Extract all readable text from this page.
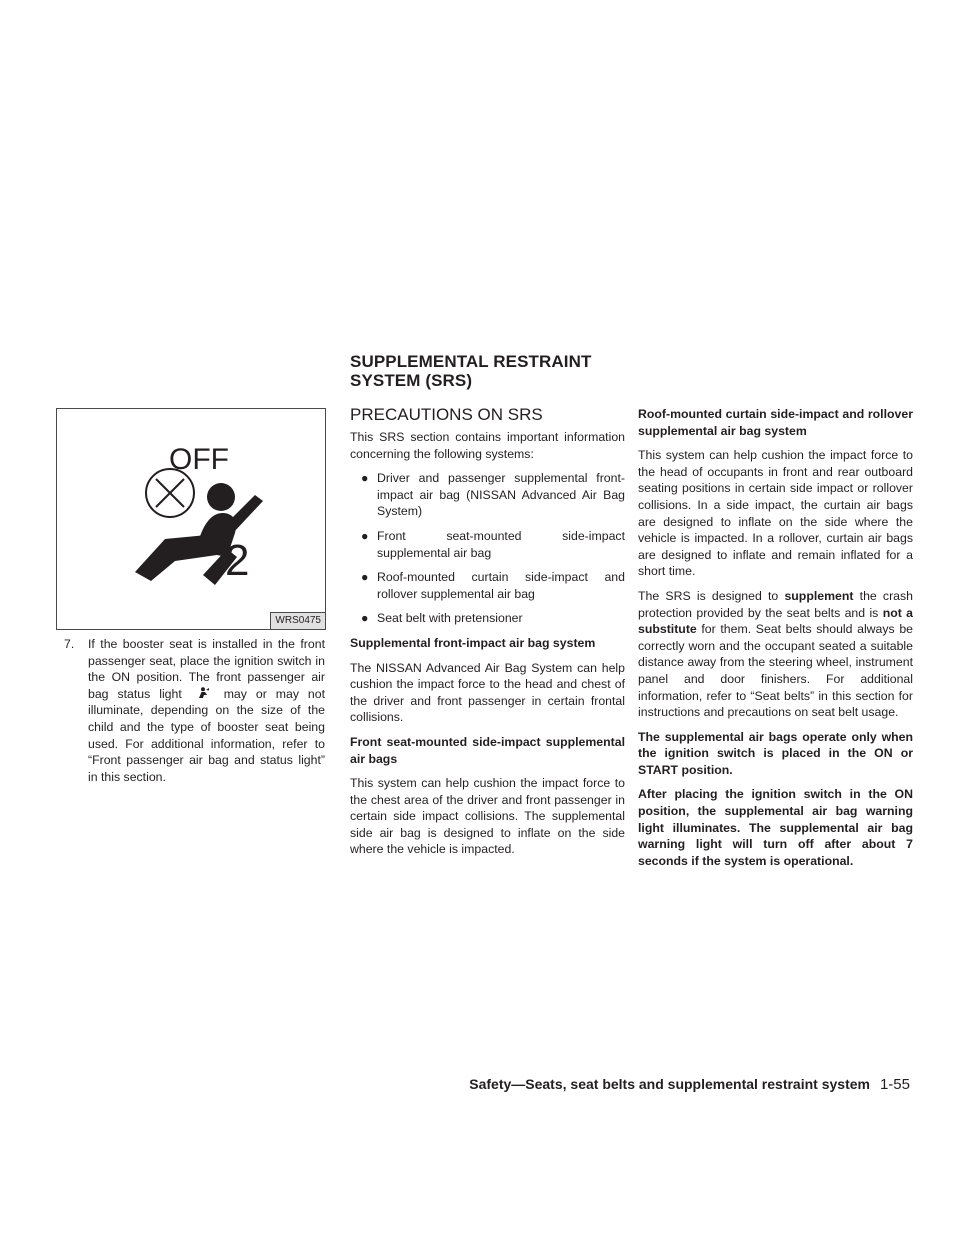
SUPPLEMENTAL RESTRAINT
SYSTEM (SRS)
OFF
2
WRS0475
7. If the booster seat is installed in the front passenger seat, place the ignition switch in the ON position. The front passenger air bag status light	may or may not illuminate, depending on the size of the child and the type of booster seat being used. For additional information, refer to “Front passenger air bag and status light” in this section.
PRECAUTIONS ON SRS

This SRS section contains important information concerning the following systems:

● Driver and passenger supplemental front-impact air bag (NISSAN Advanced Air Bag System)
● Front seat-mounted side-impact supplemental air bag
● Roof-mounted curtain side-impact and rollover supplemental air bag
● Seat belt with pretensioner
Supplemental front-impact air bag system

The NISSAN Advanced Air Bag System can help cushion the impact force to the head and chest of the driver and front passenger in certain frontal collisions.

Front seat-mounted side-impact supplemental air bags

This system can help cushion the impact force to the chest area of the driver and front passenger in certain side impact collisions. The supplemental side air bag is designed to inflate on the side where the vehicle is impacted.

Roof-mounted curtain side-impact and rollover supplemental air bag system

This system can help cushion the impact force to the head of occupants in front and rear outboard seating positions in certain side impact or rollover collisions. In a side impact, the curtain air bags are designed to inflate on the side where the vehicle is impacted. In a rollover, curtain air bags are designed to inflate and remain inflated for a short time.

The SRS is designed to supplement the crash protection provided by the seat belts and is not a substitute for them. Seat belts should always be correctly worn and the occupant seated a suitable distance away from the steering wheel, instrument panel and door finishers. For additional information, refer to “Seat belts” in this section for instructions and precautions on seat belt usage.

The supplemental air bags operate only when the ignition switch is placed in the ON or START position.

After placing the ignition switch in the ON position, the supplemental air bag warning light illuminates. The supplemental air bag warning light will turn off after about 7 seconds if the system is operational.

Safety—Seats, seat belts and supplemental restraint system 1-55
